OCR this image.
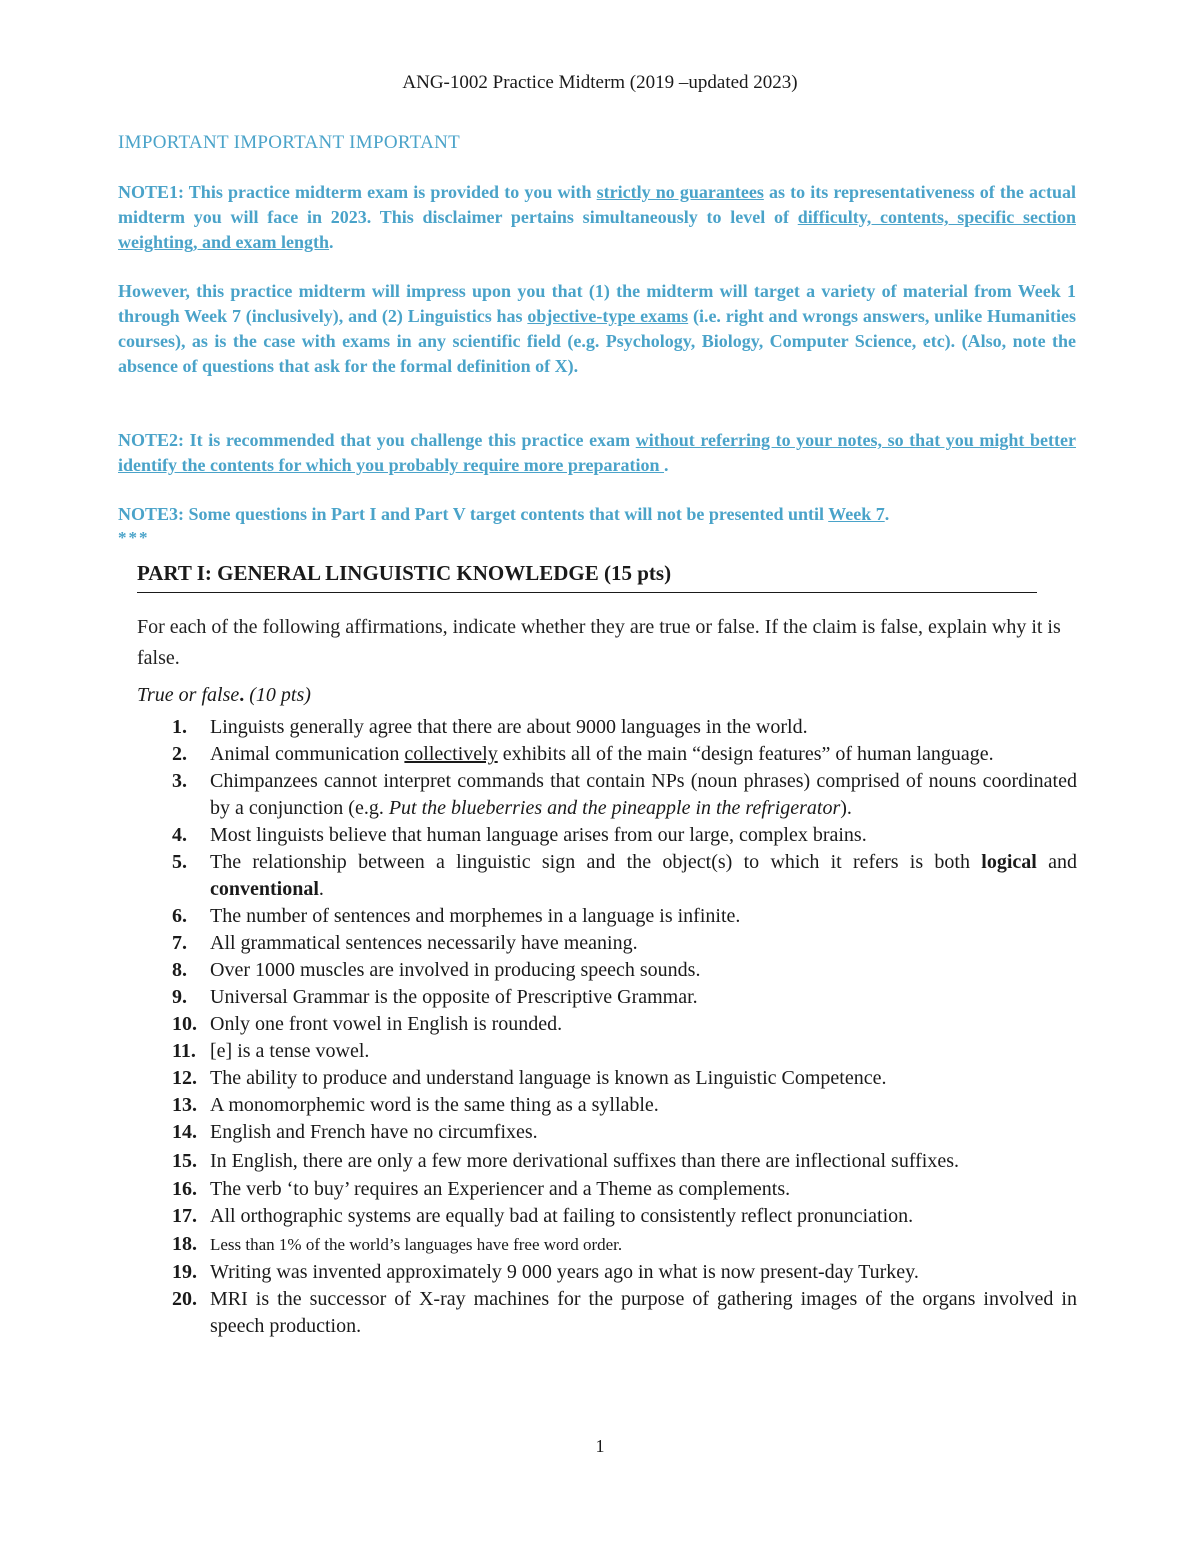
ANG-1002 Practice Midterm (2019 –updated 2023)
IMPORTANT IMPORTANT IMPORTANT
NOTE1: This practice midterm exam is provided to you with strictly no guarantees as to its representativeness of the actual midterm you will face in 2023. This disclaimer pertains simultaneously to level of difficulty, contents, specific section weighting, and exam length.
However, this practice midterm will impress upon you that (1) the midterm will target a variety of material from Week 1 through Week 7 (inclusively), and (2) Linguistics has objective-type exams (i.e. right and wrongs answers, unlike Humanities courses), as is the case with exams in any scientific field (e.g. Psychology, Biology, Computer Science, etc). (Also, note the absence of questions that ask for the formal definition of X).
NOTE2: It is recommended that you challenge this practice exam without referring to your notes, so that you might better identify the contents for which you probably require more preparation .
NOTE3: Some questions in Part I and Part V target contents that will not be presented until Week 7.
***
PART I: GENERAL LINGUISTIC KNOWLEDGE (15 pts)
For each of the following affirmations, indicate whether they are true or false. If the claim is false, explain why it is false.
True or false. (10 pts)
1. Linguists generally agree that there are about 9000 languages in the world.
2. Animal communication collectively exhibits all of the main “design features” of human language.
3. Chimpanzees cannot interpret commands that contain NPs (noun phrases) comprised of nouns coordinated by a conjunction (e.g. Put the blueberries and the pineapple in the refrigerator).
4. Most linguists believe that human language arises from our large, complex brains.
5. The relationship between a linguistic sign and the object(s) to which it refers is both logical and conventional.
6. The number of sentences and morphemes in a language is infinite.
7. All grammatical sentences necessarily have meaning.
8. Over 1000 muscles are involved in producing speech sounds.
9. Universal Grammar is the opposite of Prescriptive Grammar.
10. Only one front vowel in English is rounded.
11. [e] is a tense vowel.
12. The ability to produce and understand language is known as Linguistic Competence.
13. A monomorphemic word is the same thing as a syllable.
14. English and French have no circumfixes.
15. In English, there are only a few more derivational suffixes than there are inflectional suffixes.
16. The verb ‘to buy’ requires an Experiencer and a Theme as complements.
17. All orthographic systems are equally bad at failing to consistently reflect pronunciation.
18. Less than 1% of the world’s languages have free word order.
19. Writing was invented approximately 9 000 years ago in what is now present-day Turkey.
20. MRI is the successor of X-ray machines for the purpose of gathering images of the organs involved in speech production.
1
